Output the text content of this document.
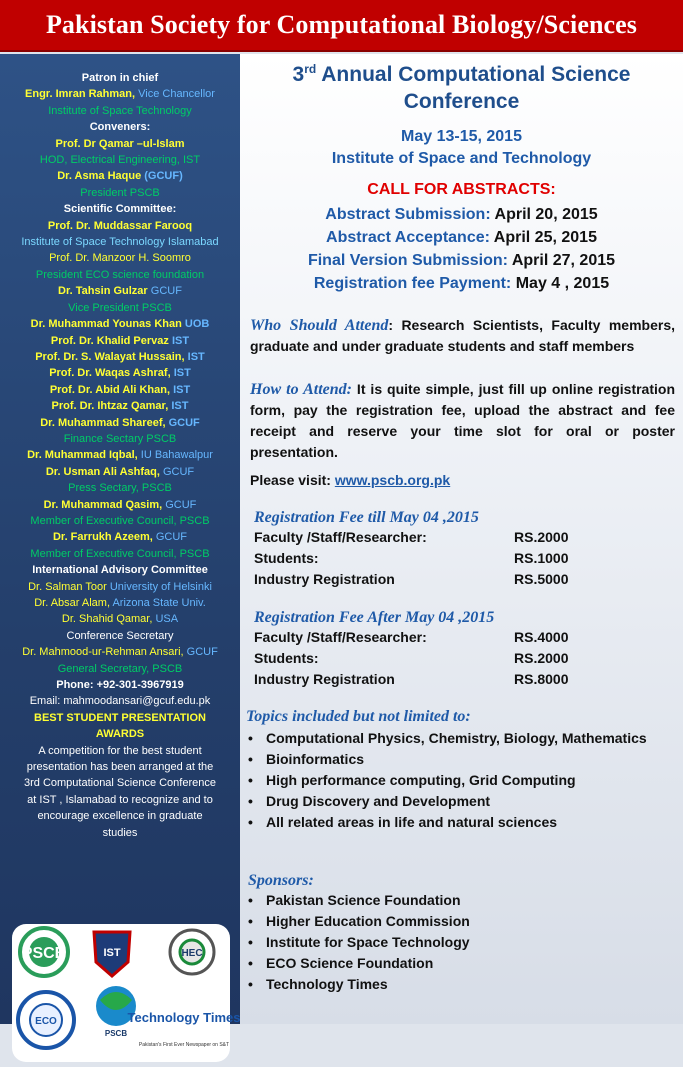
Pakistan Society for Computational Biology/Sciences
Patron in chief
Engr. Imran Rahman, Vice Chancellor
Institute of Space Technology
Conveners:
Prof. Dr Qamar –ul-Islam
HOD, Electrical Engineering, IST
Dr. Asma Haque (GCUF)
President PSCB
Scientific Committee:
Prof. Dr. Muddassar Farooq
Institute of Space Technology Islamabad
Prof. Dr. Manzoor H. Soomro
President ECO science foundation
Dr. Tahsin Gulzar GCUF
Vice President PSCB
Dr. Muhammad Younas Khan UOB
Prof. Dr. Khalid Pervaz IST
Prof. Dr. S. Walayat Hussain, IST
Prof. Dr. Waqas Ashraf, IST
Prof. Dr. Abid Ali Khan, IST
Prof. Dr. Ihtzaz Qamar, IST
Dr. Muhammad Shareef, GCUF
Finance Sectary PSCB
Dr. Muhammad Iqbal, IU Bahawalpur
Dr. Usman Ali Ashfaq, GCUF
Press Sectary, PSCB
Dr. Muhammad Qasim, GCUF
Member of Executive Council, PSCB
Dr. Farrukh Azeem, GCUF
Member of Executive Council, PSCB
International Advisory Committee
Dr. Salman Toor University of Helsinki
Dr. Absar Alam, Arizona State Univ.
Dr. Shahid Qamar, USA
Conference Secretary
Dr. Mahmood-ur-Rehman Ansari, GCUF
General Secretary, PSCB
Phone: +92-301-3967919
Email: mahmoodansari@gcuf.edu.pk
BEST STUDENT PRESENTATION
AWARDS
A competition for the best student
presentation has been arranged at the
3rd Computational Science Conference
at IST , Islamabad to recognize and to
encourage excellence in graduate
studies
PSCB	IST	HEC
ECO
PSCB
Technology Times
Pakistan's First Ever Newspaper on S&T
3rd Annual Computational Science
Conference
May 13-15, 2015
Institute of Space and Technology
CALL FOR ABSTRACTS:
Abstract Submission: April 20, 2015
Abstract Acceptance: April 25, 2015
Final Version Submission: April 27, 2015
Registration fee Payment: May 4 , 2015
Who Should Attend: Research Scientists, Faculty members, graduate and under graduate students and staff members
How to Attend: It is quite simple, just fill up online registration form, pay the registration fee, upload the abstract and fee receipt and reserve your time slot for oral or poster presentation.
Please visit: www.pscb.org.pk
Registration Fee till May 04 ,2015
Faculty /Staff/Researcher:	RS.2000
Students:	RS.1000
Industry Registration	RS.5000
Registration Fee After May 04 ,2015
Faculty /Staff/Researcher:	RS.4000
Students:	RS.2000
Industry Registration	RS.8000
Topics included but not limited to:
• Computational Physics, Chemistry, Biology, Mathematics
• Bioinformatics
• High performance computing, Grid Computing
• Drug Discovery and Development
• All related areas in life and natural sciences
Sponsors:
• Pakistan Science Foundation
• Higher Education Commission
• Institute for Space Technology
• ECO Science Foundation
• Technology Times
